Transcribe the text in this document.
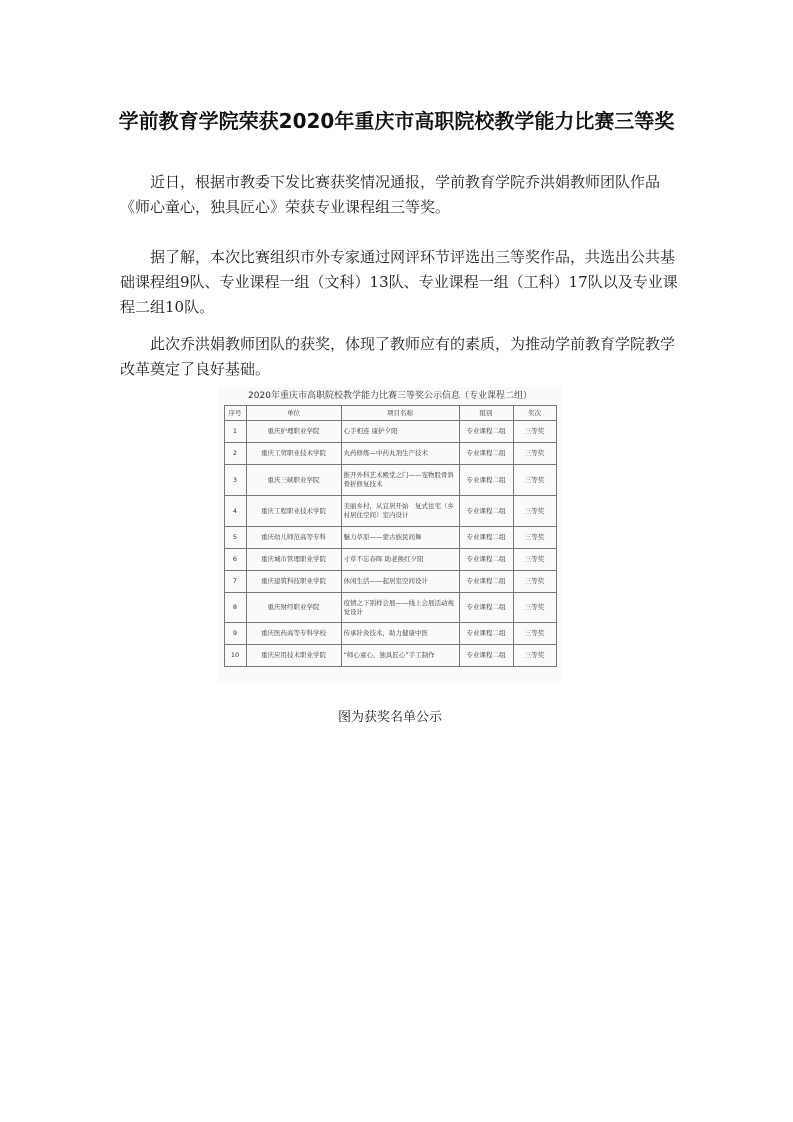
学前教育学院荣获2020年重庆市高职院校教学能力比赛三等奖

近日，根据市教委下发比赛获奖情况通报，学前教育学院乔洪娟教师团队作品《师心童心，独具匠心》荣获专业课程组三等奖。

据了解，本次比赛组织市外专家通过网评环节评选出三等奖作品，共选出公共基础课程组9队、专业课程一组（文科）13队、专业课程一组（工科）17队以及专业课程二组10队。

此次乔洪娟教师团队的获奖，体现了教师应有的素质，为推动学前教育学院教学改革奠定了良好基础。

2020年重庆市高职院校教学能力比赛三等奖公示信息（专业课程二组）
序号	单位	项目名称	组别	奖次
1	重庆护理职业学院	心手相连 康护夕阳	专业课程二组	三等奖
2	重庆工贸职业技术学院	丸药修炼—中药丸剂生产技术	专业课程二组	三等奖
3	重庆三峡职业学院	推开外科艺术殿堂之门——宠物股骨斜骨折修复技术	专业课程二组	三等奖
4	重庆工程职业技术学院	美丽乡村，从宜居开始　复式住宅（乡村居住空间）室内设计	专业课程二组	三等奖
5	重庆幼儿师范高等专科	魅力草原——蒙古族民间舞	专业课程二组	三等奖
6	重庆城市管理职业学院	寸草不忘春晖 助老换红夕阳	专业课程二组	三等奖
7	重庆建筑科技职业学院	休闲生活——起居室空间设计	专业课程二组	三等奖
8	重庆财经职业学院	疫情之下别样会展——线上会展活动视觉设计	专业课程二组	三等奖
9	重庆医药高等专科学校	传承针灸技术，助力健康中医	专业课程二组	三等奖
10	重庆应用技术职业学院	“师心童心，独具匠心”手工制作	专业课程二组	三等奖
图为获奖名单公示
